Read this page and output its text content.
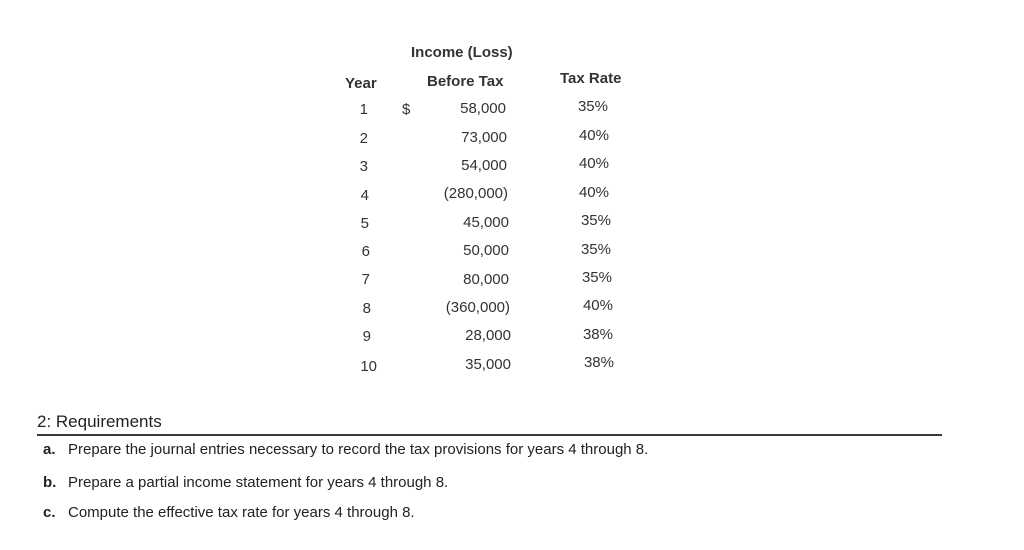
Income (Loss)
Year	Before Tax	Tax Rate
$
1	58,000	35%
2	73,000	40%
3	54,000	40%
4	(280,000)	40%
5	45,000	35%
6	50,000	35%
7	80,000	35%
8	(360,000)	40%
9	28,000	38%
10	35,000	38%
2: Requirements
a. Prepare the journal entries necessary to record the tax provisions for years 4 through 8.
b. Prepare a partial income statement for years 4 through 8.
c. Compute the effective tax rate for years 4 through 8.
